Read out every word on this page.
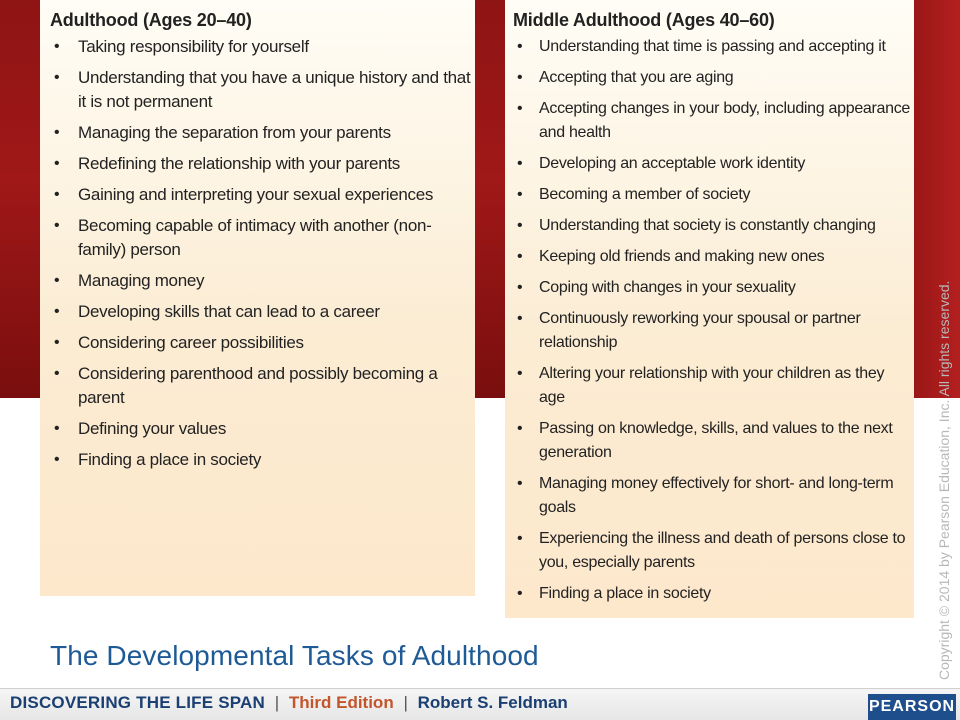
Adulthood (Ages 20–40)
• Taking responsibility for yourself
• Understanding that you have a unique history and that it is not permanent
• Managing the separation from your parents
• Redefining the relationship with your parents
• Gaining and interpreting your sexual experiences
• Becoming capable of intimacy with another (non-family) person
• Managing money
• Developing skills that can lead to a career
• Considering career possibilities
• Considering parenthood and possibly becoming a parent
• Defining your values
• Finding a place in society
Middle Adulthood (Ages 40–60)
• Understanding that time is passing and accepting it
• Accepting that you are aging
• Accepting changes in your body, including appearance and health
• Developing an acceptable work identity
• Becoming a member of society
• Understanding that society is constantly changing
• Keeping old friends and making new ones
• Coping with changes in your sexuality
• Continuously reworking your spousal or partner relationship
• Altering your relationship with your children as they age
• Passing on knowledge, skills, and values to the next generation
• Managing money effectively for short- and long-term goals
• Experiencing the illness and death of persons close to you, especially parents
• Finding a place in society
The Developmental Tasks of Adulthood	Copyright © 2014 by Pearson Education, Inc. All rights reserved.
DISCOVERING THE LIFE SPAN | Third Edition | Robert S. Feldman	PEARSON
